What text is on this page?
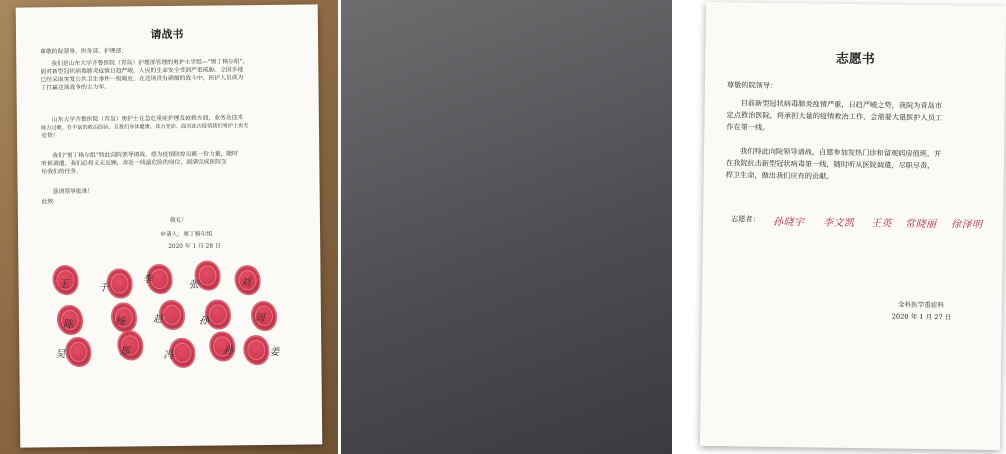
请战书
尊敬的院领导、医务部、护理部：
我们是山东大学齐鲁医院（青岛）护理部管理的男护士学组—“男丁格尔组”，
面对新型冠状病毒肺炎疫情日趋严峻，人民的生命安全受到严重威胁。全国多地
已经采取突发公共卫生事件一级响应。在这场没有硝烟的战斗中，医护人员成为
了打赢这场战争的主力军。
山东大学齐鲁医院（青岛）男护士在急危重症护理及抢救方面，业务及技术
能力过硬，有丰富的救治经验，且我们身体健康、体力充沛，面对此次疫情我们男护士责无
旁贷！
我们“男丁格尔组”特此向院领导请战，愿为疫情防控贡献一份力量，随时
听候调遣，我们必将义无反顾，奔赴一线最危险的岗位，圆满完成医院交
给我们的任务。
恳请领导批准！
此致
敬礼！
申请人：男丁格尔组
2020 年 1 月 28 日
王	于
李	张	刘
陈	杨	赵	孙	周
吴	郑	冯	孙	姜
志愿书
尊敬的院领导：
目前新型冠状病毒肺炎疫情严重，日趋严峻之势，我院为青岛市
定点救治医院，将承担大量的疫情救治工作，会需要大量医护人员工
作在第一线。
我们特此向院领导请战，自愿参加发热门诊和留观病房值班，并
在我院抗击新型冠状病毒第一线，随时听从医院调遣，尽职尽责，
捍卫生命，做出我们应有的贡献。
志愿者： 孙晓宇 李文凯 王英 常晓丽 徐泽明
全科医学重症科
2020 年 1 月 27 日
